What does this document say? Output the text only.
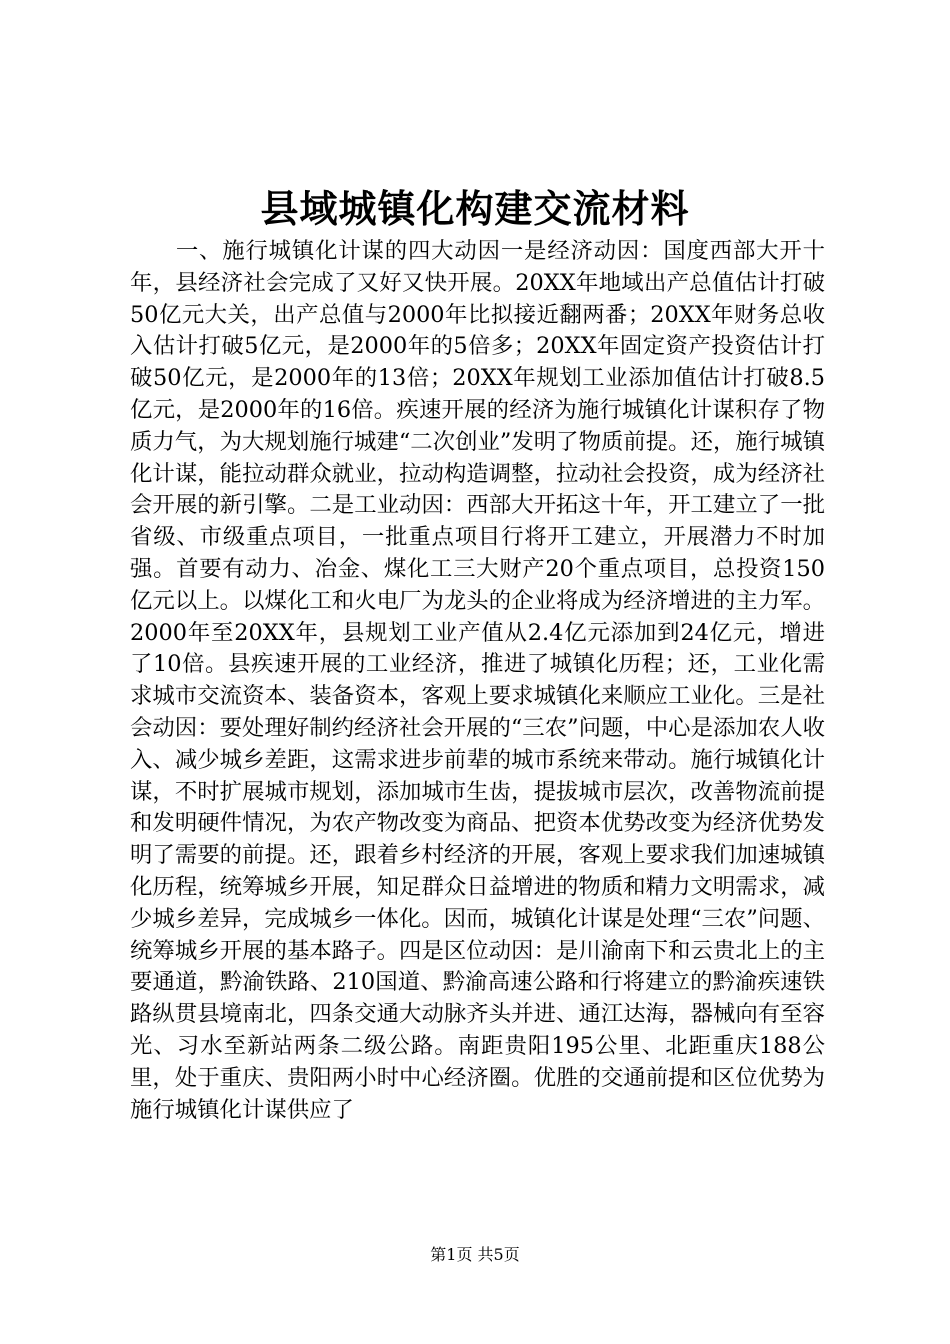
县域城镇化构建交流材料

一、施行城镇化计谋的四大动因一是经济动因：国度西部大开十年，县经济社会完成了又好又快开展。20XX年地域出产总值估计打破50亿元大关，出产总值与2000年比拟接近翻两番；20XX年财务总收入估计打破5亿元，是2000年的5倍多；20XX年固定资产投资估计打破50亿元，是2000年的13倍；20XX年规划工业添加值估计打破8.5亿元，是2000年的16倍。疾速开展的经济为施行城镇化计谋积存了物质力气，为大规划施行城建“二次创业”发明了物质前提。还，施行城镇化计谋，能拉动群众就业，拉动构造调整，拉动社会投资，成为经济社会开展的新引擎。二是工业动因：西部大开拓这十年，开工建立了一批省级、市级重点项目，一批重点项目行将开工建立，开展潜力不时加强。首要有动力、冶金、煤化工三大财产20个重点项目，总投资150亿元以上。以煤化工和火电厂为龙头的企业将成为经济增进的主力军。2000年至20XX年，县规划工业产值从2.4亿元添加到24亿元，增进了10倍。县疾速开展的工业经济，推进了城镇化历程；还，工业化需求城市交流资本、装备资本，客观上要求城镇化来顺应工业化。三是社会动因：要处理好制约经济社会开展的“三农”问题，中心是添加农人收入、减少城乡差距，这需求进步前辈的城市系统来带动。施行城镇化计谋，不时扩展城市规划，添加城市生齿，提拔城市层次，改善物流前提和发明硬件情况，为农产物改变为商品、把资本优势改变为经济优势发明了需要的前提。还，跟着乡村经济的开展，客观上要求我们加速城镇化历程，统筹城乡开展，知足群众日益增进的物质和精力文明需求，减少城乡差异，完成城乡一体化。因而，城镇化计谋是处理“三农”问题、统筹城乡开展的基本路子。四是区位动因：是川渝南下和云贵北上的主要通道，黔渝铁路、210国道、黔渝高速公路和行将建立的黔渝疾速铁路纵贯县境南北，四条交通大动脉齐头并进、通江达海，器械向有至容光、习水至新站两条二级公路。南距贵阳195公里、北距重庆188公里，处于重庆、贵阳两小时中心经济圈。优胜的交通前提和区位优势为施行城镇化计谋供应了

第1页 共5页
